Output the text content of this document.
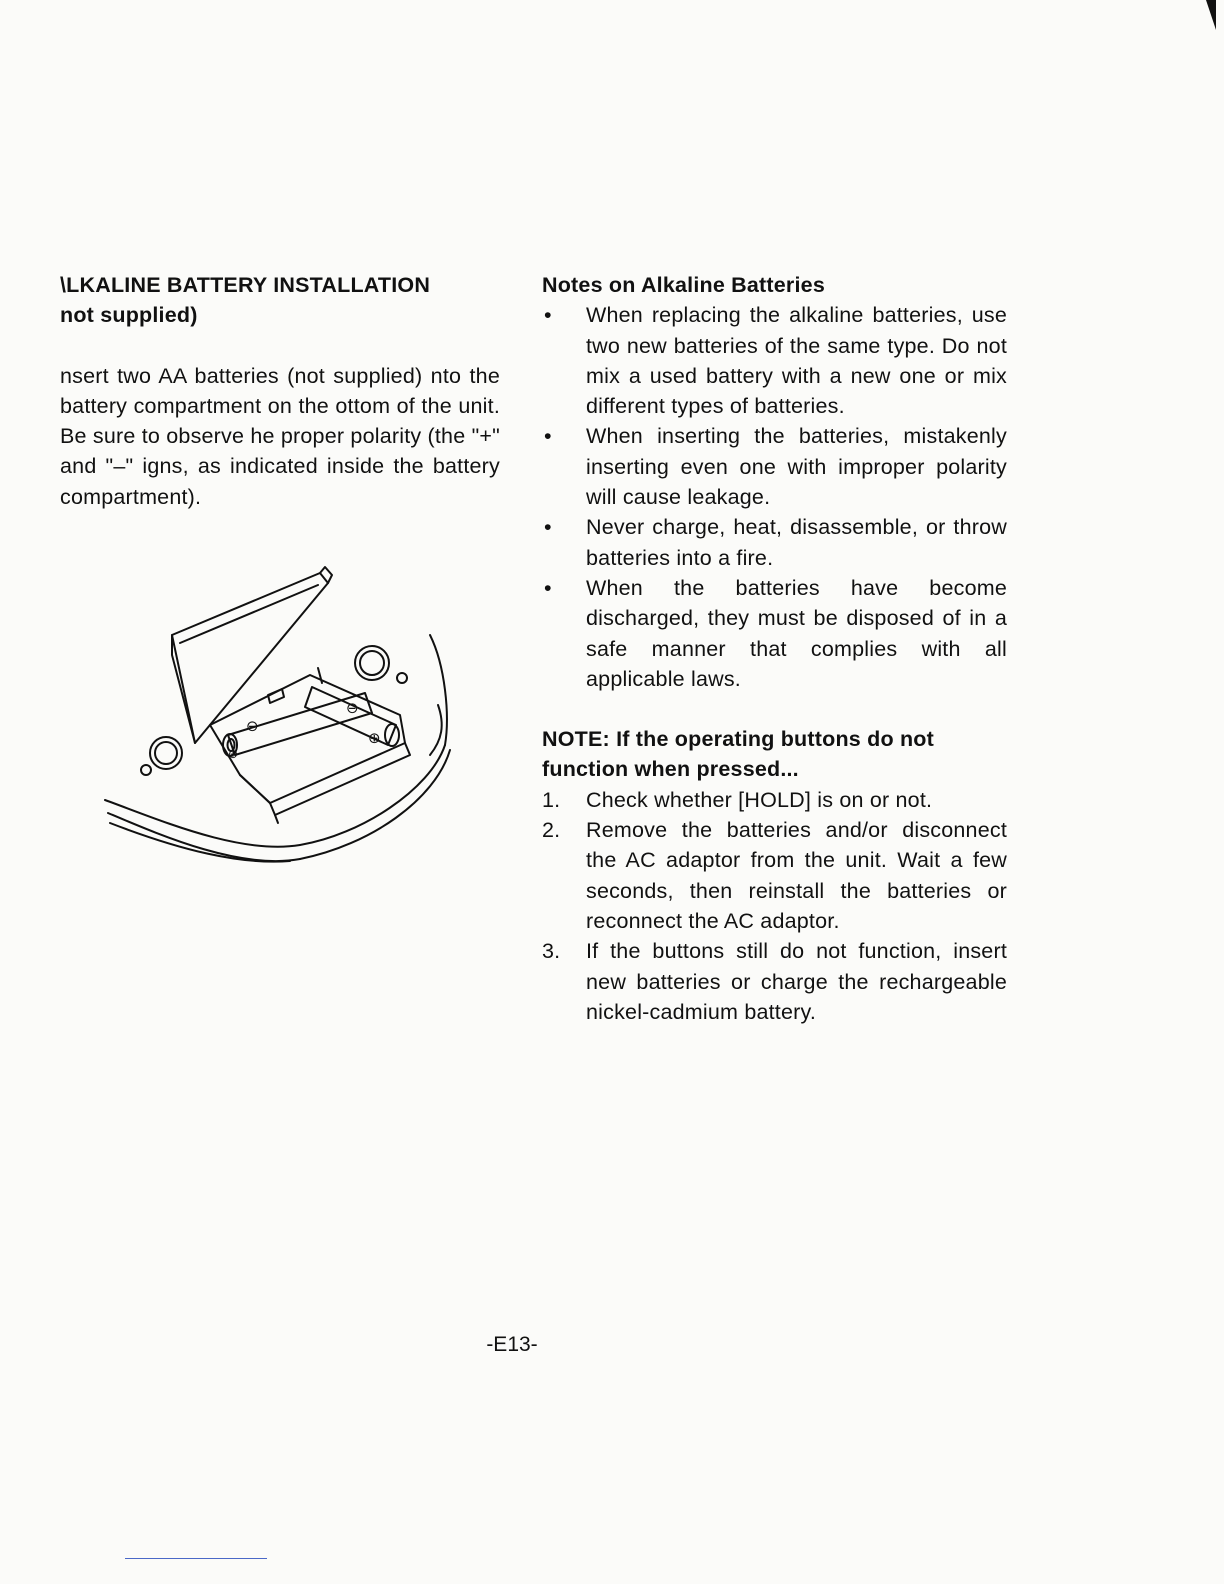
\LKALINE BATTERY INSTALLATION
not supplied)

nsert two AA batteries (not supplied) nto the battery compartment on the ottom of the unit. Be sure to observe he proper polarity (the "+" and "–" igns, as indicated inside the battery compartment).

⊖
⊖
⊕
⊕

Notes on Alkaline Batteries

•	When replacing the alkaline batteries, use two new batteries of the same type. Do not mix a used battery with a new one or mix different types of batteries.
•	When inserting the batteries, mistakenly inserting even one with improper polarity will cause leakage.
•	Never charge, heat, disassemble, or throw batteries into a fire.
•	When the batteries have become discharged, they must be disposed of in a safe manner that complies with all applicable laws.

NOTE: If the operating buttons do not function when pressed...

1.	Check whether [HOLD] is on or not.
2.	Remove the batteries and/or disconnect the AC adaptor from the unit. Wait a few seconds, then reinstall the batteries or reconnect the AC adaptor.
3.	If the buttons still do not function, insert new batteries or charge the rechargeable nickel-cadmium battery.
-E13-
